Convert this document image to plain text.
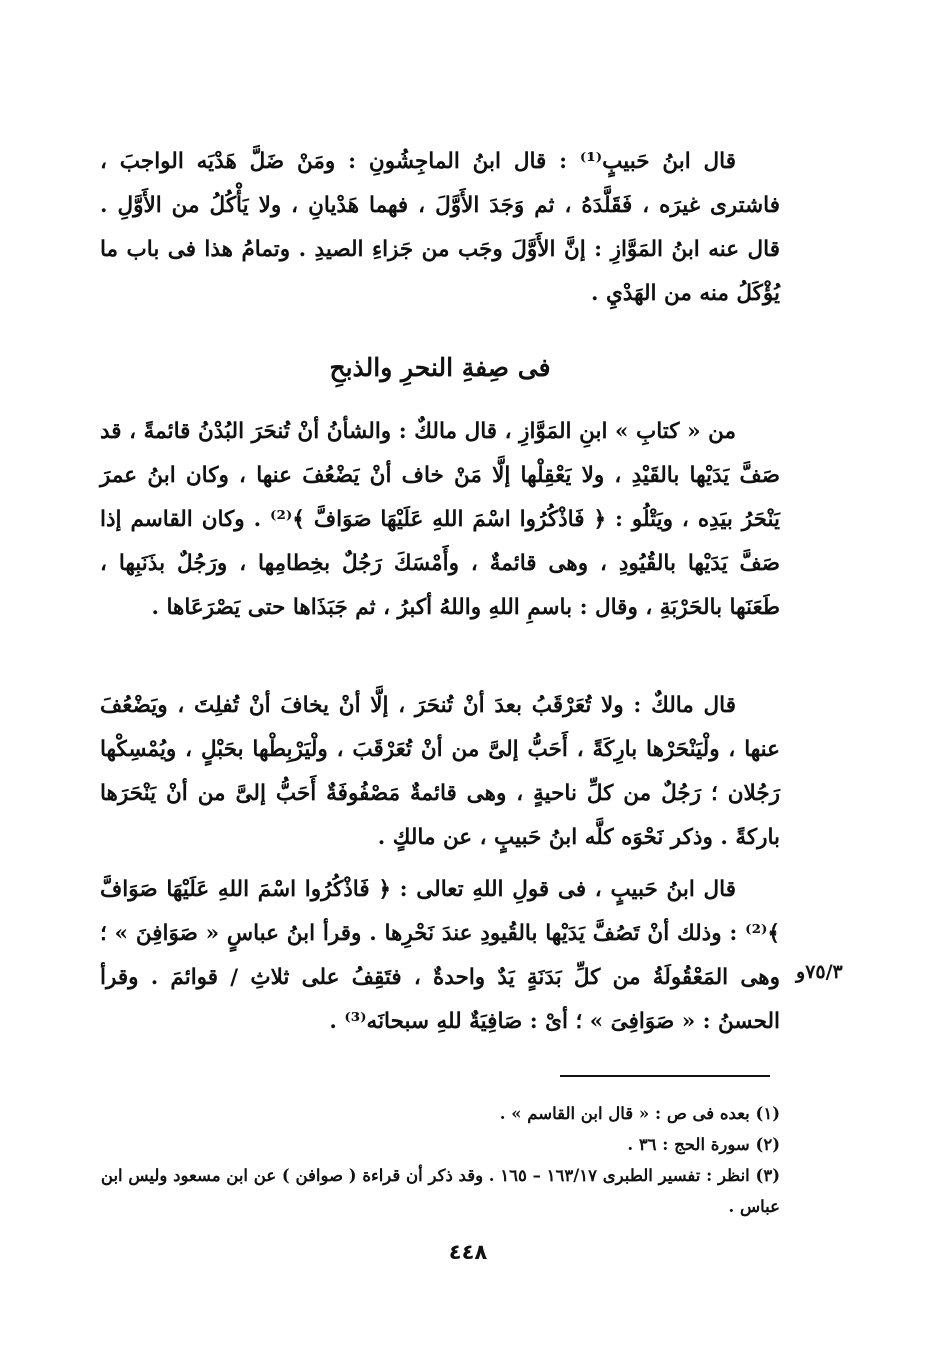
قال ابنُ حَبيبٍ⁽¹⁾ : قال ابنُ الماجِشُونِ : ومَنْ ضَلَّ هَدْيَه الواجبَ ، فاشترى غيرَه ، فَقَلَّدَهُ ، ثم وَجَدَ الأَوَّلَ ، فهما هَدْيانِ ، ولا يَأْكُلُ من الأَوَّلِ . قال عنه ابنُ المَوَّازِ : إنَّ الأَوَّلَ وجَب من جَزاءِ الصيدِ . وتمامُ هذا فى باب ما يُؤْكَلُ منه من الهَدْيِ .

فى صِفةِ النحرِ والذبحِ

من « كتابِ » ابنِ المَوَّازِ ، قال مالكٌ : والشأنُ أنْ تُنحَرَ البُدْنُ قائمةً ، قد صَفَّ يَدَيْها بالقَيْدِ ، ولا يَعْقِلْها إلَّا مَنْ خاف أنْ يَضْعُفَ عنها ، وكان ابنُ عمرَ يَنْحَرُ بيَدِه ، ويَتْلُو : ﴿ فَاذْكُرُوا اسْمَ اللهِ عَلَيْهَا صَوَافَّ ﴾⁽²⁾ . وكان القاسم إذا صَفَّ يَدَيْها بالقُيُودِ ، وهى قائمةٌ ، وأَمْسَكَ رَجُلٌ بخِطامِها ، ورَجُلٌ بذَنَبِها ، طَعَنَها بالحَرْبَةِ ، وقال : باسمِ اللهِ واللهُ أكبرُ ، ثم جَبَذَاها حتى يَصْرَعَاها .

قال مالكٌ : ولا تُعَرْقَبُ بعدَ أنْ تُنحَرَ ، إلَّا أنْ يخافَ أنْ تُفلِتَ ، ويَضْعُفَ عنها ، ولْيَنْحَرْها بارِكَةً ، أَحَبُّ إلىَّ من أنْ تُعَرْقَبَ ، ولْيَرْبِطْها بحَبْلٍ ، ويُمْسِكْها رَجُلان ؛ رَجُلٌ من كلِّ ناحيةٍ ، وهى قائمةٌ مَصْفُوفَةٌ أَحَبُّ إلىَّ من أنْ يَنْحَرَها باركةً . وذكر نَحْوَه كلَّه ابنُ حَبيبٍ ، عن مالكٍ .

قال ابنُ حَبيبٍ ، فى قولِ اللهِ تعالى : ﴿ فَاذْكُرُوا اسْمَ اللهِ عَلَيْهَا صَوَافَّ ﴾⁽²⁾ : وذلك أنْ تَصُفَّ يَدَيْها بالقُيودِ عندَ نَحْرِها . وقرأ ابنُ عباسٍ « صَوَافِنَ » ؛ وهى المَعْقُولَةُ من كلِّ بَدَنَةٍ يَدٌ واحدةٌ ، فتَقِفُ على ثلاثِ / قوائمَ . وقرأ الحسنُ : « صَوَافِىَ » ؛ أىْ : صَافِيَةٌ للهِ سبحانَه⁽³⁾ .

٧٥/٣و

(١) بعده فى ص : « قال ابن القاسم » .

(٢) سورة الحج : ٣٦ .

(٣) انظر : تفسير الطبرى ١٦٣/١٧ – ١٦٥ . وقد ذكر أن قراءة ( صوافن ) عن ابن مسعود وليس ابن عباس .

٤٤٨
